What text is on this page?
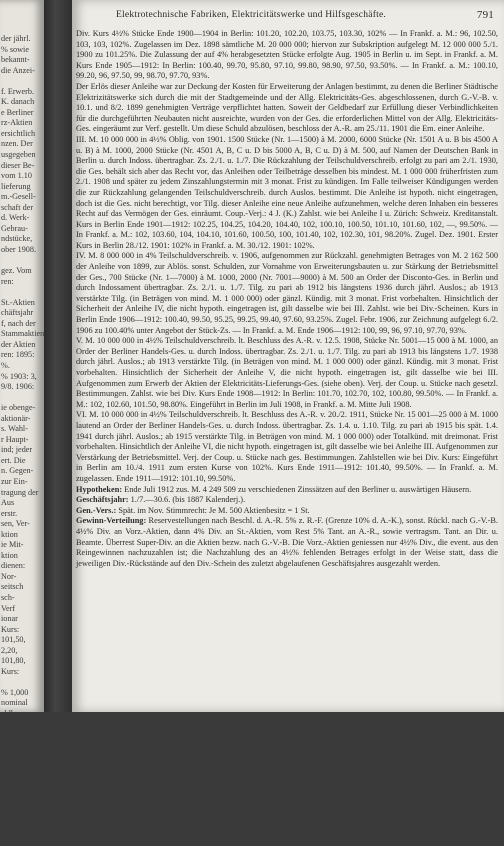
der jährl.
% sowie
bekannt-
die Anzei-

f. Erwerb.
K. danach
e Berliner
rz-Aktien
ersichtlich
nzen. Der
usgegeben
dieser Be-
vom 1.10
lieferung
m.-Gesell-
schaft der
d. Werk-
Gebrau-
ndstücke,
ober 1908.

gez. Vom
ren:

St.-Aktien
chäftsjahr
f, nach der
Stammaktien
der Aktien
ren: 1895:
%.
% 1903: 3,
9/8. 1906:

ie obenge-
aktionär-
s. Wahl-
r Haupt-
ind; jeder
ert. Die
n. Gegen-
zur Ein-
tragung der
Aus
erstr.
sen, Ver-
ktion
ie Mit-
ktion
dienen:
Nor-
seitsch
sch-
Verf
ionar
Kurs:
101,50,
2,20,
101,80,
Kurs:

% 1,000
nominal
ahlbar
ca. 50,
rer mit
ere Wahl
gänzlich
glas
glas
se 25,5
n Fr.
m der
gebnis
rücksicht
eine des
Elektrotechnische Fabriken, Elektricitätswerke und Hilfsgeschäfte.	791

Div. Kurs 4½% Stücke Ende 1900—1904 in Berlin: 101.20, 102.20, 103.75, 103.30, 102% — In Frankf. a. M.: 96, 102.50, 103, 103, 102%. Zugelassen im Dez. 1898 sämtliche M. 20 000 000; hiervon zur Subskription aufgelegt M. 12 000 000 5./1. 1900 zu 101.25%. Die Zulassung der auf 4% herabgesetzten Stücke erfolgte Aug. 1905 in Berlin u. im Sept. in Frankf. a. M. Kurs Ende 1905—1912: In Berlin: 100.40, 99.70, 95.80, 97.10, 99.80, 98.90, 97.50, 93.50%. — In Frankf. a. M.: 100.10, 99.20, 96, 97.50, 99, 98.70, 97.70, 93%.

Der Erlös dieser Anleihe war zur Deckung der Kosten für Erweiterung der Anlagen bestimmt, zu denen die Berliner Städtische Elektrizitätswerke sich durch die mit der Stadtgemeinde und der Allg. Elektricitäts-Ges. abgeschlossenen, durch G.-V.-B. v. 10.1. und 8/2. 1899 genehmigten Verträge verpflichtet hatten. Soweit der Geldbedarf zur Erfüllung dieser Verbindlichkeiten für die durchgeführten Neubauten nicht ausreichte, wurden von der Ges. die erforderlichen Mittel von der Allg. Elektricitäts-Ges. eingeräumt zur Verf. gestellt. Um diese Schuld abzulösen, beschloss der A.-R. am 25./11. 1901 die Em. einer Anleihe.

III. M. 10 000 000 in 4½% Oblig. von 1901. 1500 Stücke (Nr. 1—1500) à M. 2000, 6000 Stücke (Nr. 1501 A u. B bis 4500 A u. B) à M. 1000, 2000 Stücke (Nr. 4501 A, B, C u. D bis 5000 A, B, C u. D) à M. 500, auf Namen der Deutschen Bank in Berlin u. durch Indoss. übertragbar. Zs. 2./1. u. 1./7. Die Rückzahlung der Teilschuldverschreib. erfolgt zu pari am 2./1. 1930, die Ges. behält sich aber das Recht vor, das Anleihen oder Teilbeträge desselben bis mindest. M. 1 000 000 früherfristen zum 2./1. 1908 und später zu jedem Zinszahlungstermin mit 3 monat. Frist zu kündigen. Im Falle teilweiser Kündigungen werden die zur Rückzahlung gelangenden Teilschuldverschreib. durch Auslos. bestimmt. Die Anleihe ist hypoth. nicht eingetragen, doch ist die Ges. nicht berechtigt, vor Tilg. dieser Anleihe eine neue Anleihe aufzunehmen, welche deren Inhaben ein besseres Recht auf das Vermögen der Ges. einräumt. Coup.-Verj.: 4 J. (K.) Zahlst. wie bei Anleihe I u. Zürich: Schweiz. Kreditanstalt. Kurs in Berlin Ende 1901—1912: 102.25, 104.25, 104.20, 104.40, 102, 100.10, 100.50, 101.10, 101.60, 102, —, 99.50%. — In Frankf. a. M.: 102, 103.60, 104, 104.10, 101.60, 100.50, 100, 101.40, 102, 102.30, 101, 98.20%. Zugel. Dez. 1901. Erster Kurs in Berlin 28./12. 1901: 102% in Frankf. a. M. 30./12. 1901: 102%.

IV. M. 8 000 000 in 4% Teilschuldverschreib. v. 1906, aufgenommen zur Rückzahl. genehmigten Betrages von M. 2 162 500 der Anleihe von 1899, zur Ablös. sonst. Schulden, zur Vornahme von Erweiterungsbauten u. zur Stärkung der Betriebsmittel der Ges., 700 Stücke (Nr. 1—7000) à M. 1000, 2000 (Nr. 7001—9000) à M. 500 an Order der Disconto-Ges. in Berlin und durch Indossament übertragbar. Zs. 2./1. u. 1./7. Tilg. zu pari ab 1912 bis längstens 1936 durch jährl. Auslos.; ab 1913 verstärkte Tilg. (in Beträgen von mind. M. 1 000 000) oder gänzl. Kündig. mit 3 monat. Frist vorbehalten. Hinsichtlich der Sicherheit der Anleihe IV, die nicht hypoth. eingetragen ist, gilt dasselbe wie bei III. Zahlst. wie bei Div.-Scheinen. Kurs in Berlin Ende 1906—1912: 100.40, 99.50, 95.25, 99.25, 99.40, 97.60, 93.25%. Zugel. Febr. 1906, zur Zeichnung aufgelegt 6./2. 1906 zu 100.40% unter Angebot der Stück-Zs. — In Frankf. a. M. Ende 1906—1912: 100, 99, 96, 97.10, 97.70, 93%.

V. M. 10 000 000 in 4½% Teilschuldverschreib. lt. Beschluss des A.-R. v. 12.5. 1908, Stücke Nr. 5001—15 000 à M. 1000, an Order der Berliner Handels-Ges. u. durch Indoss. übertragbar. Zs. 2./1. u. 1./7. Tilg. zu pari ab 1913 bis längstens 1./7. 1938 durch jährl. Auslos.; ab 1913 verstärkte Tilg. (in Beträgen von mind. M. 1 000 000) oder gänzl. Kündig. mit 3 monat. Frist vorbehalten. Hinsichtlich der Sicherheit der Anleihe V, die nicht hypoth. eingetragen ist, gilt dasselbe wie bei III. Aufgenommen zum Erwerb der Aktien der Elektricitäts-Lieferungs-Ges. (siehe oben). Verj. der Coup. u. Stücke nach gesetzl. Bestimmungen. Zahlst. wie bei Div. Kurs Ende 1908—1912: In Berlin: 101.70, 102.70, 102, 100.80, 99.50%. — In Frankf. a. M.: 102, 102.60, 101.50, 98.80%. Eingeführt in Berlin im Juli 1908, in Frankf. a. M. Mitte Juli 1908.

VI. M. 10 000 000 in 4½% Teilschuldverschreib. lt. Beschluss des A.-R. v. 20./2. 1911, Stücke Nr. 15 001—25 000 à M. 1000 lautend an Order der Berliner Handels-Ges. u. durch Indoss. übertragbar. Zs. 1.4. u. 1.10. Tilg. zu pari ab 1915 bis spät. 1.4. 1941 durch jährl. Auslos.; ab 1915 verstärkte Tilg. in Beträgen von mind. M. 1 000 000) oder Totalkünd. mit dreimonat. Frist vorbehalten. Hinsichtlich der Anleihe VI, die nicht hypoth. eingetragen ist, gilt dasselbe wie bei Anleihe III. Aufgenommen zur Verstärkung der Betriebsmittel. Verj. der Coup. u. Stücke nach ges. Bestimmungen. Zahlstellen wie bei Div. Kurs: Eingeführt in Berlin am 10./4. 1911 zum ersten Kurse von 102%. Kurs Ende 1911—1912: 101.40, 99.50%. — In Frankf. a. M. zugelassen. Ende 1911—1912: 101.10, 99.50%.

Hypotheken: Ende Juli 1912 zus. M. 4 249 509 zu verschiedenen Zinssätzen auf den Berliner u. auswärtigen Häusern.

Geschäftsjahr: 1./7.—30.6. (bis 1887 Kalenderj.).

Gen.-Vers.: Spät. im Nov. Stimmrecht: Je M. 500 Aktienbesitz = 1 St.

Gewinn-Verteilung: Reservestellungen nach Beschl. d. A.-R. 5% z. R.-F. (Grenze 10% d. A.-K.), sonst. Rückl. nach G.-V.-B. 4½% Div. an Vorz.-Aktien, dann 4% Div. an St.-Aktien, vom Rest 5% Tant. an A.-R., sowie vertragsm. Tant. an Dir. u. Beamte. Überrest Super-Div. an die Aktien bezw. nach G.-V.-B. Die Vorz.-Aktien geniessen nur 4½% Div., die event. aus den Reingewinnen nachzuzahlen ist; die Nachzahlung des an 4½% fehlenden Betrages erfolgt in der Weise statt, dass die jeweiligen Div.-Rückstände auf den Div.-Schein des zuletzt abgelaufenen Geschäftsjahres ausgezahlt werden.
